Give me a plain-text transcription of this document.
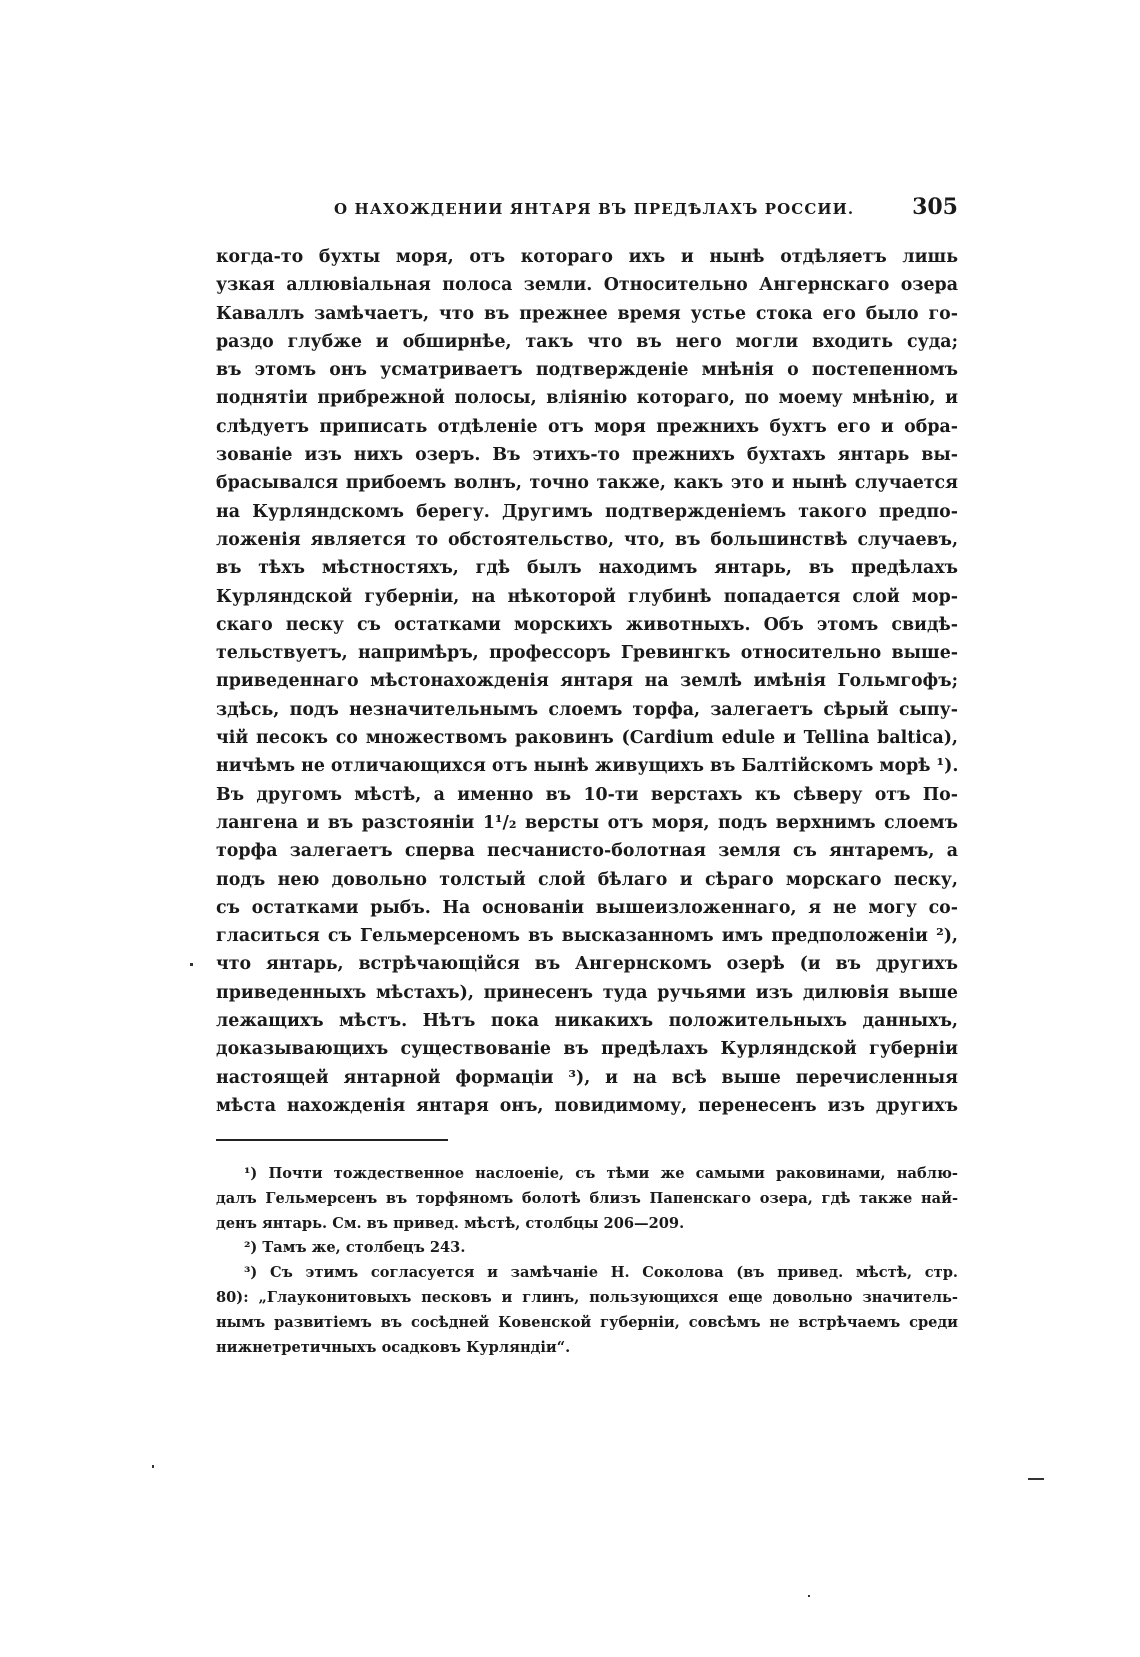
О НАХОЖДЕНИИ ЯНТАРЯ ВЪ ПРЕДѢЛАХЪ РОССИИ.	305
когда-то бухты моря, отъ котораго ихъ и нынѣ отдѣляетъ лишь
узкая аллювіальная полоса земли. Относительно Ангернскаго озера
Каваллъ замѣчаетъ, что въ прежнее время устье стока его было го-
раздо глубже и обширнѣе, такъ что въ него могли входить суда;
въ этомъ онъ усматриваетъ подтвержденіе мнѣнія о постепенномъ
поднятіи прибрежной полосы, вліянію котораго, по моему мнѣнію, и
слѣдуетъ приписать отдѣленіе отъ моря прежнихъ бухтъ его и обра-
зованіе изъ нихъ озеръ. Въ этихъ-то прежнихъ бухтахъ янтарь вы-
брасывался прибоемъ волнъ, точно также, какъ это и нынѣ случается
на Курляндскомъ берегу. Другимъ подтвержденіемъ такого предпо-
ложенія является то обстоятельство, что, въ большинствѣ случаевъ,
въ тѣхъ мѣстностяхъ, гдѣ былъ находимъ янтарь, въ предѣлахъ
Курляндской губерніи, на нѣкоторой глубинѣ попадается слой мор-
скаго песку съ остатками морскихъ животныхъ. Объ этомъ свидѣ-
тельствуетъ, напримѣръ, профессоръ Гревингкъ относительно выше-
приведеннаго мѣстонахожденія янтаря на землѣ имѣнія Гольмгофъ;
здѣсь, подъ незначительнымъ слоемъ торфа, залегаетъ сѣрый сыпу-
чій песокъ со множествомъ раковинъ (Cardium edule и Tellina baltica),
ничѣмъ не отличающихся отъ нынѣ живущихъ въ Балтійскомъ морѣ ¹).
Въ другомъ мѣстѣ, а именно въ 10-ти верстахъ къ сѣверу отъ По-
лангена и въ разстояніи 1¹/₂ версты отъ моря, подъ верхнимъ слоемъ
торфа залегаетъ сперва песчанисто-болотная земля съ янтаремъ, а
подъ нею довольно толстый слой бѣлаго и сѣраго морскаго песку,
съ остатками рыбъ. На основаніи вышеизложеннаго, я не могу со-
гласиться съ Гельмерсеномъ въ высказанномъ имъ предположеніи ²),
что янтарь, встрѣчающійся въ Ангернскомъ озерѣ (и въ другихъ
приведенныхъ мѣстахъ), принесенъ туда ручьями изъ дилювія выше
лежащихъ мѣстъ. Нѣтъ пока никакихъ положительныхъ данныхъ,
доказывающихъ существованіе въ предѣлахъ Курляндской губерніи
настоящей янтарной формаціи ³), и на всѣ выше перечисленныя
мѣста нахожденія янтаря онъ, повидимому, перенесенъ изъ другихъ
¹) Почти тождественное наслоеніе, съ тѣми же самыми раковинами, наблю-
далъ Гельмерсенъ въ торфяномъ болотѣ близъ Папенскаго озера, гдѣ также най-
денъ янтарь. См. въ привед. мѣстѣ, столбцы 206—209.
²) Тамъ же, столбецъ 243.
³) Съ этимъ согласуется и замѣчаніе Н. Соколова (въ привед. мѣстѣ, стр.
80): „Глауконитовыхъ песковъ и глинъ, пользующихся еще довольно значитель-
нымъ развитіемъ въ сосѣдней Ковенской губерніи, совсѣмъ не встрѣчаемъ среди
нижнетретичныхъ осадковъ Курляндіи“.
